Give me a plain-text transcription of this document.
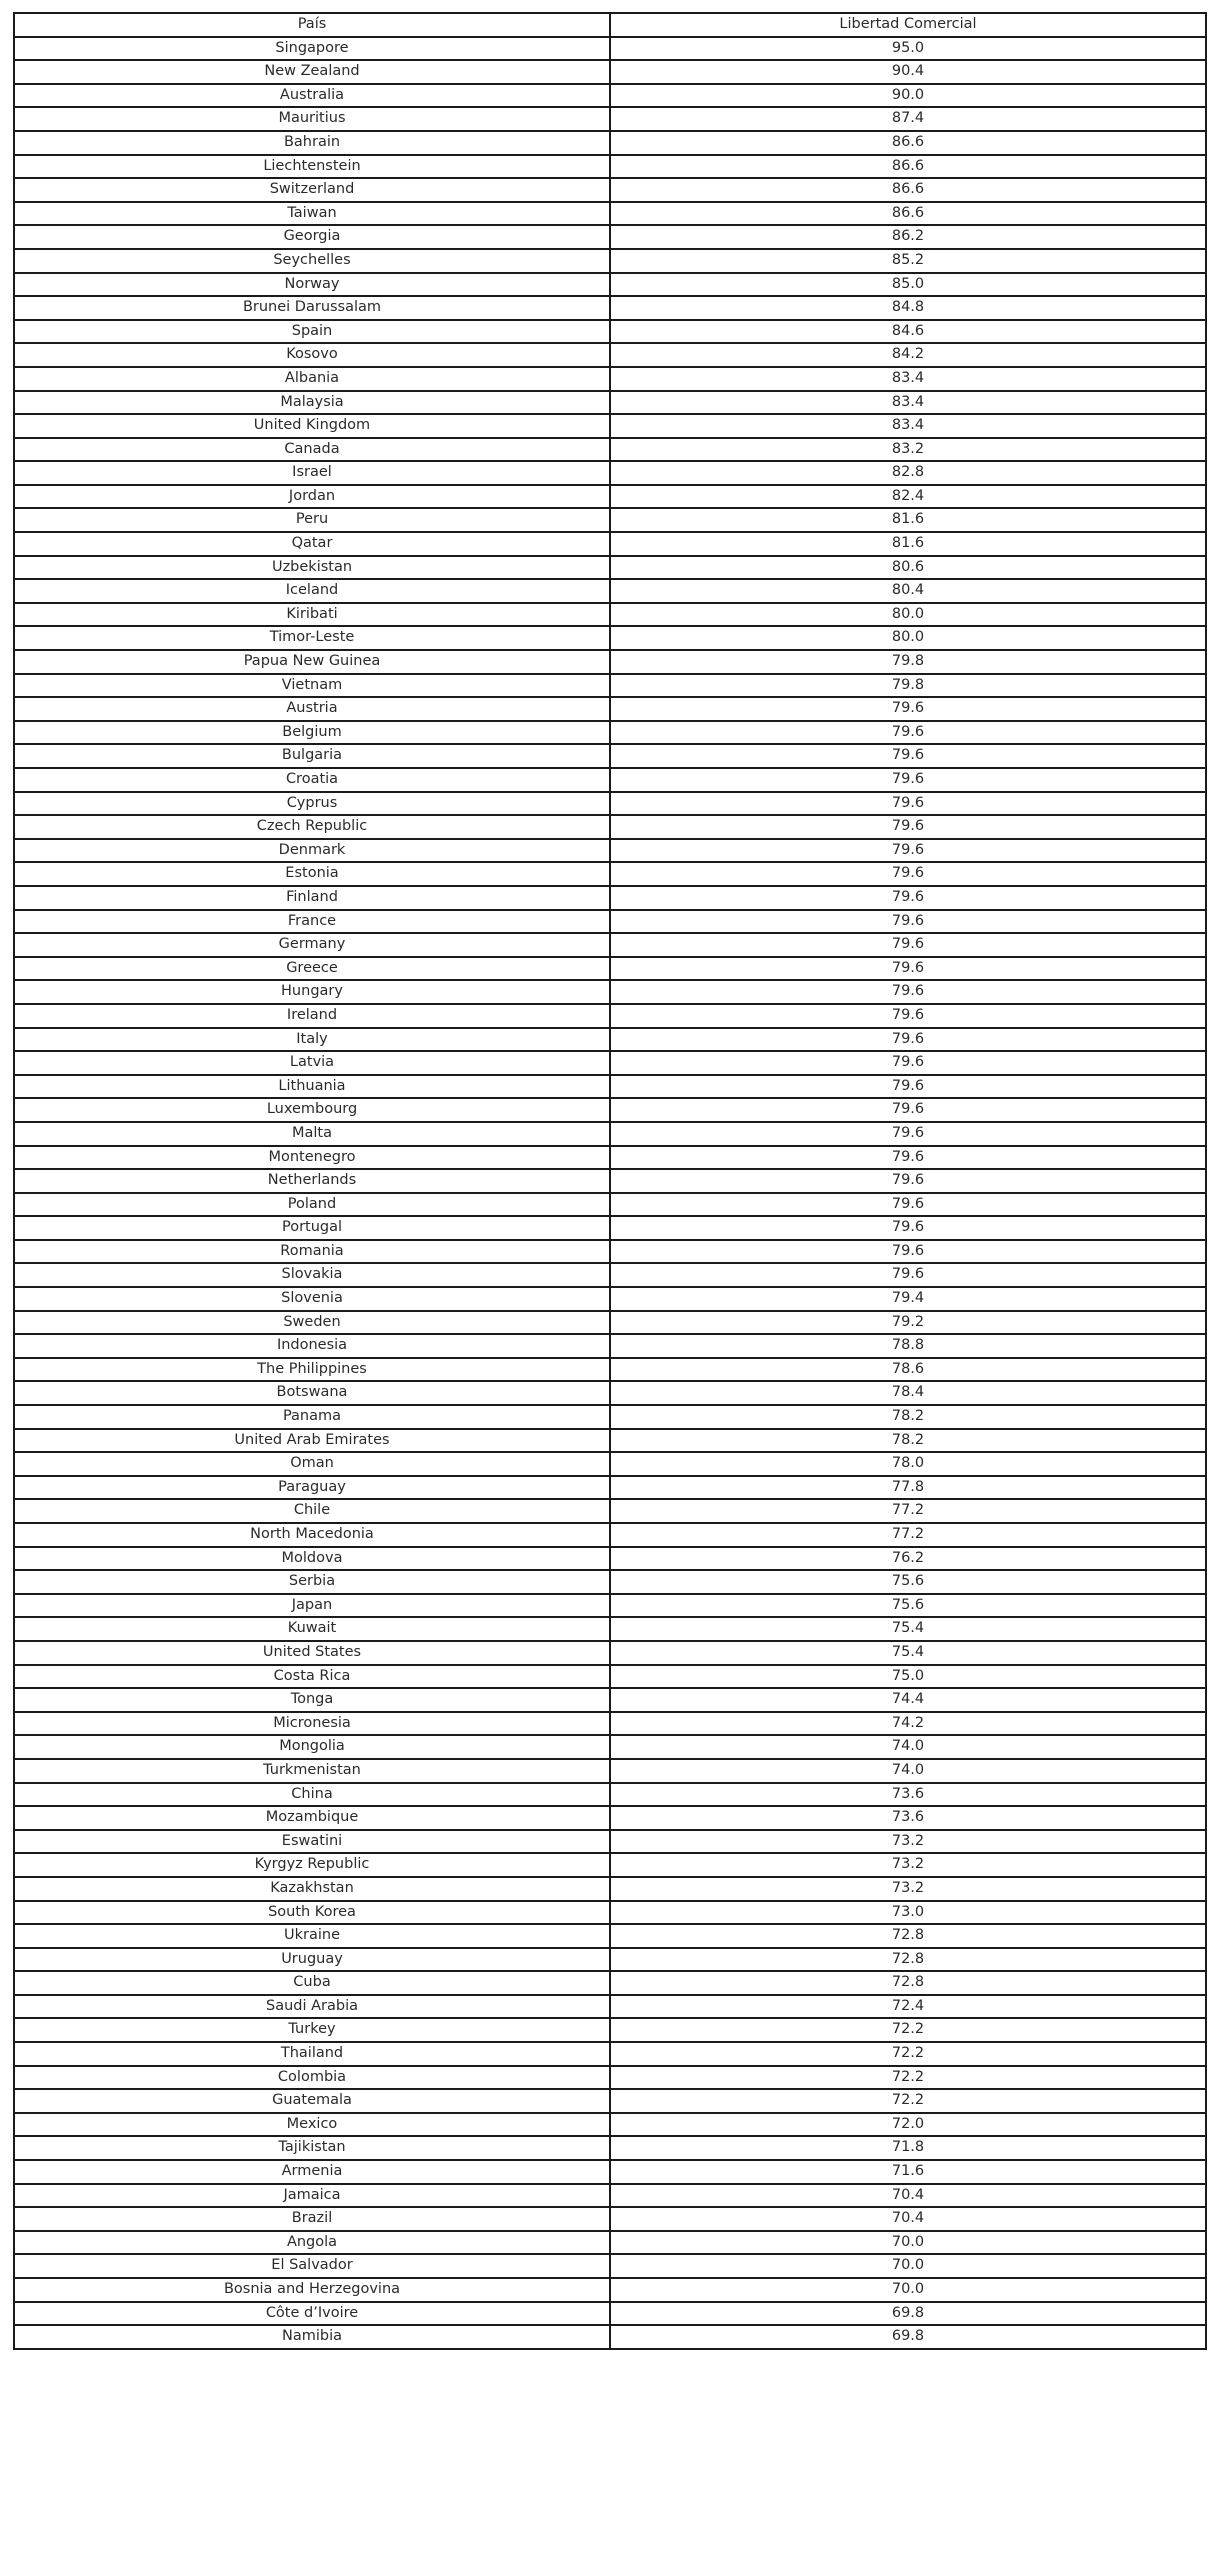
País	Libertad Comercial
Singapore	95.0
New Zealand	90.4
Australia	90.0
Mauritius	87.4
Bahrain	86.6
Liechtenstein	86.6
Switzerland	86.6
Taiwan	86.6
Georgia	86.2
Seychelles	85.2
Norway	85.0
Brunei Darussalam	84.8
Spain	84.6
Kosovo	84.2
Albania	83.4
Malaysia	83.4
United Kingdom	83.4
Canada	83.2
Israel	82.8
Jordan	82.4
Peru	81.6
Qatar	81.6
Uzbekistan	80.6
Iceland	80.4
Kiribati	80.0
Timor-Leste	80.0
Papua New Guinea	79.8
Vietnam	79.8
Austria	79.6
Belgium	79.6
Bulgaria	79.6
Croatia	79.6
Cyprus	79.6
Czech Republic	79.6
Denmark	79.6
Estonia	79.6
Finland	79.6
France	79.6
Germany	79.6
Greece	79.6
Hungary	79.6
Ireland	79.6
Italy	79.6
Latvia	79.6
Lithuania	79.6
Luxembourg	79.6
Malta	79.6
Montenegro	79.6
Netherlands	79.6
Poland	79.6
Portugal	79.6
Romania	79.6
Slovakia	79.6
Slovenia	79.4
Sweden	79.2
Indonesia	78.8
The Philippines	78.6
Botswana	78.4
Panama	78.2
United Arab Emirates	78.2
Oman	78.0
Paraguay	77.8
Chile	77.2
North Macedonia	77.2
Moldova	76.2
Serbia	75.6
Japan	75.6
Kuwait	75.4
United States	75.4
Costa Rica	75.0
Tonga	74.4
Micronesia	74.2
Mongolia	74.0
Turkmenistan	74.0
China	73.6
Mozambique	73.6
Eswatini	73.2
Kyrgyz Republic	73.2
Kazakhstan	73.2
South Korea	73.0
Ukraine	72.8
Uruguay	72.8
Cuba	72.8
Saudi Arabia	72.4
Turkey	72.2
Thailand	72.2
Colombia	72.2
Guatemala	72.2
Mexico	72.0
Tajikistan	71.8
Armenia	71.6
Jamaica	70.4
Brazil	70.4
Angola	70.0
El Salvador	70.0
Bosnia and Herzegovina	70.0
Côte d’Ivoire	69.8
Namibia	69.8
